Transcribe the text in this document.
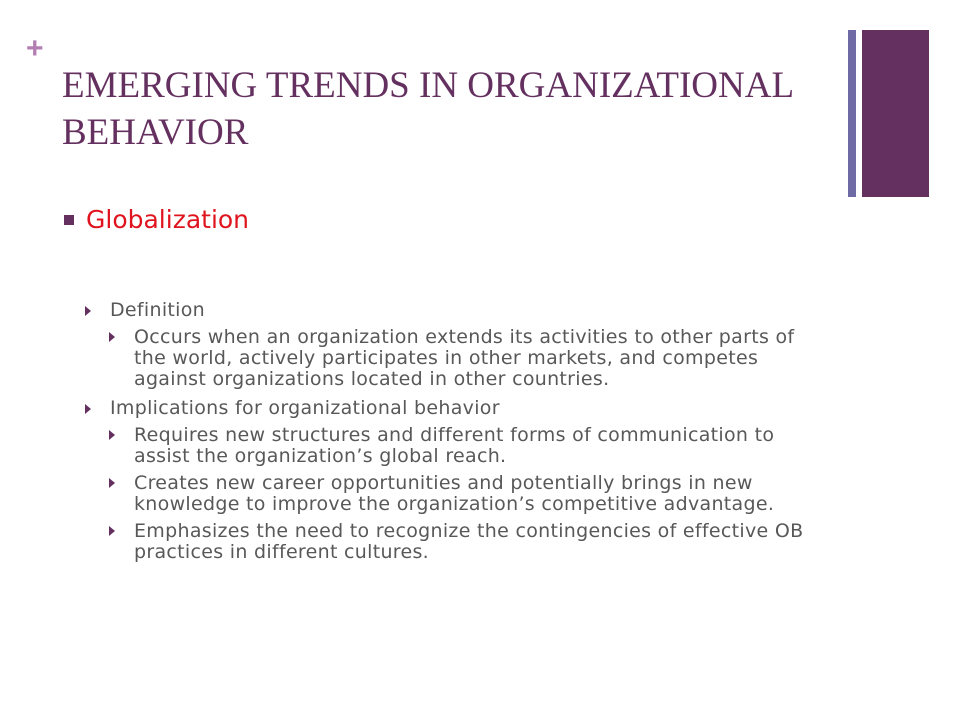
+
EMERGING TRENDS IN ORGANIZATIONAL BEHAVIOR
Globalization
Definition
Occurs when an organization extends its activities to other parts of the world, actively participates in other markets, and competes against organizations located in other countries.
Implications for organizational behavior
Requires new structures and different forms of communication to assist the organization’s global reach.
Creates new career opportunities and potentially brings in new knowledge to improve the organization’s competitive advantage.
Emphasizes the need to recognize the contingencies of effective OB practices in different cultures.
